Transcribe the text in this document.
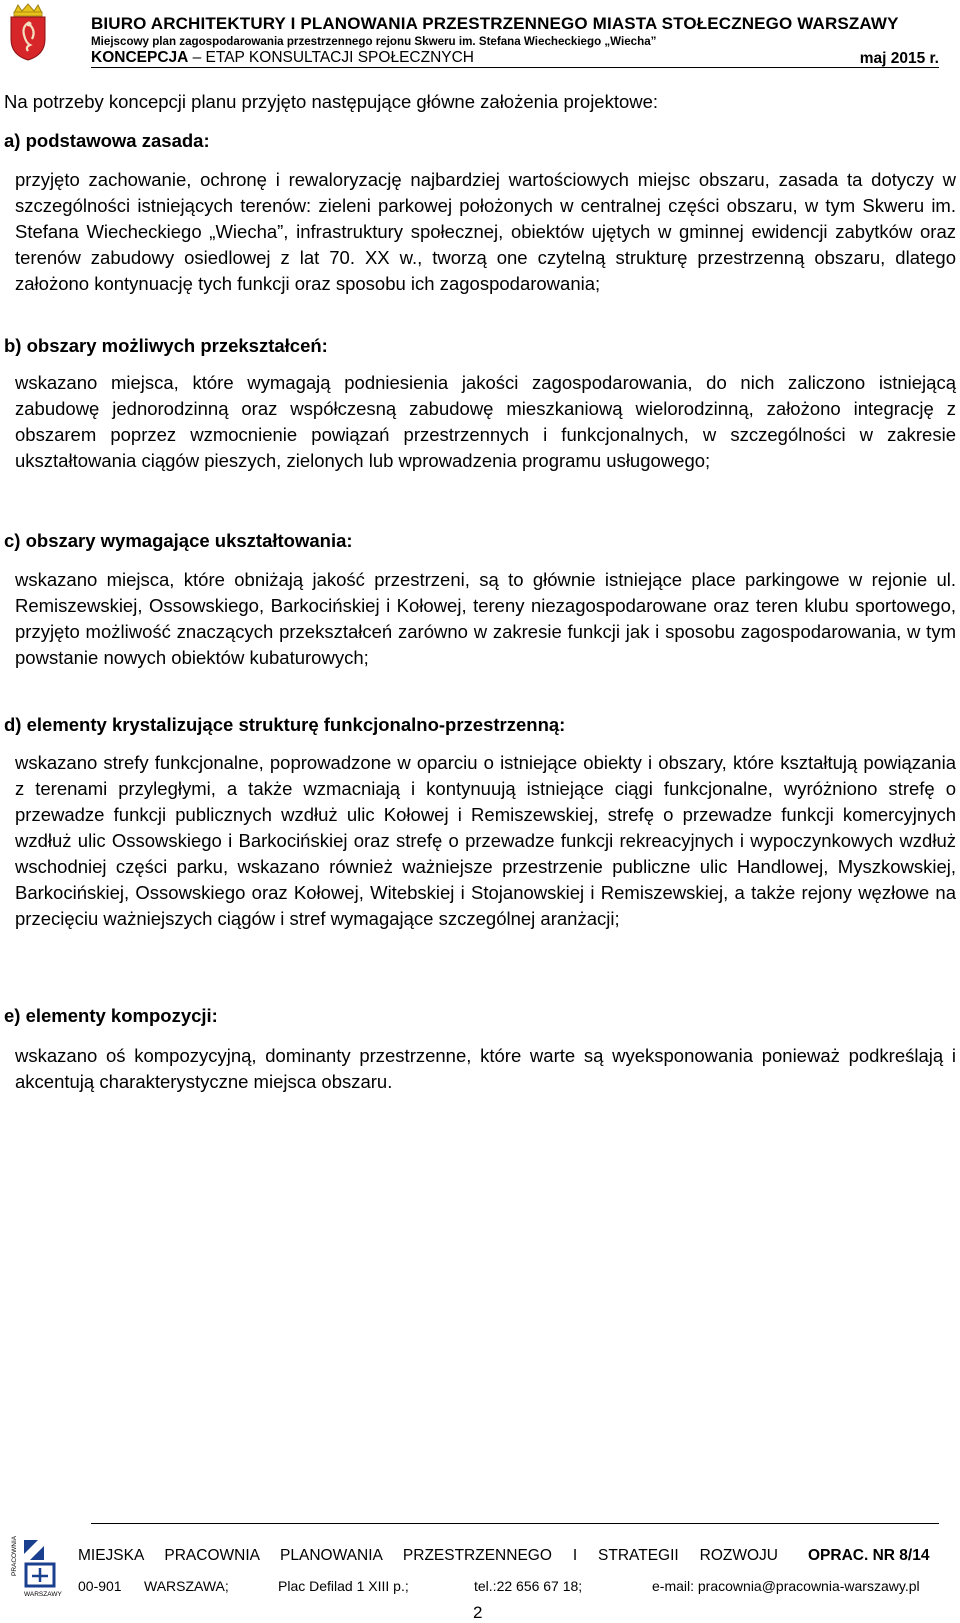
BIURO ARCHITEKTURY I PLANOWANIA PRZESTRZENNEGO MIASTA STOŁECZNEGO WARSZAWY
Miejscowy plan zagospodarowania przestrzennego rejonu Skweru im. Stefana Wiecheckiego „Wiecha”
KONCEPCJA – ETAP KONSULTACJI SPOŁECZNYCH	maj 2015 r.
Na potrzeby koncepcji planu przyjęto następujące główne założenia projektowe:
a) podstawowa zasada:
przyjęto zachowanie, ochronę i rewaloryzację najbardziej wartościowych miejsc obszaru, zasada ta dotyczy w szczególności istniejących terenów: zieleni parkowej położonych w centralnej części obszaru, w tym Skweru im. Stefana Wiecheckiego „Wiecha”, infrastruktury społecznej, obiektów ujętych w gminnej ewidencji zabytków oraz terenów zabudowy osiedlowej z lat 70. XX w., tworzą one czytelną strukturę przestrzenną obszaru, dlatego założono kontynuację tych funkcji oraz sposobu ich zagospodarowania;
b) obszary możliwych przekształceń:
wskazano miejsca, które wymagają podniesienia jakości zagospodarowania, do nich zaliczono istniejącą zabudowę jednorodzinną oraz współczesną zabudowę mieszkaniową wielorodzinną, założono integrację z obszarem poprzez wzmocnienie powiązań przestrzennych i funkcjonalnych, w szczególności w zakresie ukształtowania ciągów pieszych, zielonych lub wprowadzenia programu usługowego;
c) obszary wymagające ukształtowania:
wskazano miejsca, które obniżają jakość przestrzeni, są to głównie istniejące place parkingowe w rejonie ul. Remiszewskiej, Ossowskiego, Barkocińskiej i Kołowej, tereny niezagospodarowane oraz teren klubu sportowego, przyjęto możliwość znaczących przekształceń zarówno w zakresie funkcji jak i sposobu zagospodarowania, w tym powstanie nowych obiektów kubaturowych;
d) elementy krystalizujące strukturę funkcjonalno-przestrzenną:
wskazano strefy funkcjonalne, poprowadzone w oparciu o istniejące obiekty i obszary, które kształtują powiązania z terenami przyległymi, a także wzmacniają i kontynuują istniejące ciągi funkcjonalne, wyróżniono strefę o przewadze funkcji publicznych wzdłuż ulic Kołowej i Remiszewskiej, strefę o przewadze funkcji komercyjnych wzdłuż ulic Ossowskiego i Barkocińskiej oraz strefę o przewadze funkcji rekreacyjnych i wypoczynkowych wzdłuż wschodniej części parku, wskazano również ważniejsze przestrzenie publiczne ulic Handlowej, Myszkowskiej, Barkocińskiej, Ossowskiego oraz Kołowej, Witebskiej i Stojanowskiej i Remiszewskiej, a także rejony węzłowe na przecięciu ważniejszych ciągów i stref wymagające szczególnej aranżacji;
e) elementy kompozycji:
wskazano oś kompozycyjną, dominanty przestrzenne, które warte są wyeksponowania ponieważ podkreślają i akcentują charakterystyczne miejsca obszaru.
PRACOWNIA
WARSZAWY
MIEJSKA PRACOWNIA PLANOWANIA PRZESTRZENNEGO I STRATEGII ROZWOJU OPRAC. NR 8/14
00-901 WARSZAWA;	Plac Defilad 1 XIII p.;	tel.:22 656 67 18;	e-mail: pracownia@pracownia-warszawy.pl
2
